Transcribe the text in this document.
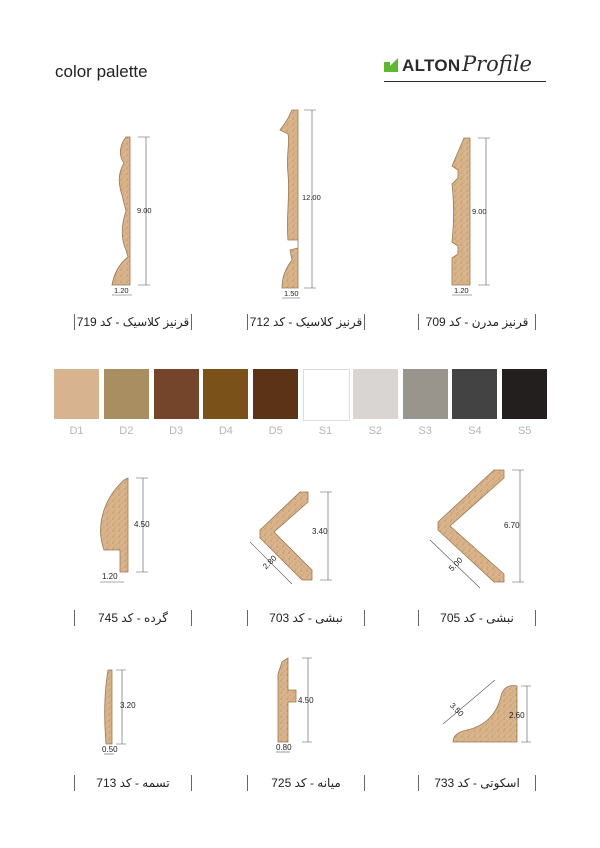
color palette	ALTON Profile
9.00
1.20
قرنیز کلاسیک - کد 719
12.00
1.50
قرنیز کلاسیک - کد 712
9.00
1.20
قرنیز مدرن - کد 709
D1	D2	D3	D4	D5	S1	S2	S3	S4	S5
4.50
1.20
گرده - کد 745
3.40
2.80
نبشی - کد 703
6.70
5.00
نبشی - کد 705
3.20
0.50
تسمه - کد 713
4.50
0.80
میانه - کد 725
2.60
3.50
اسکوتی - کد 733
